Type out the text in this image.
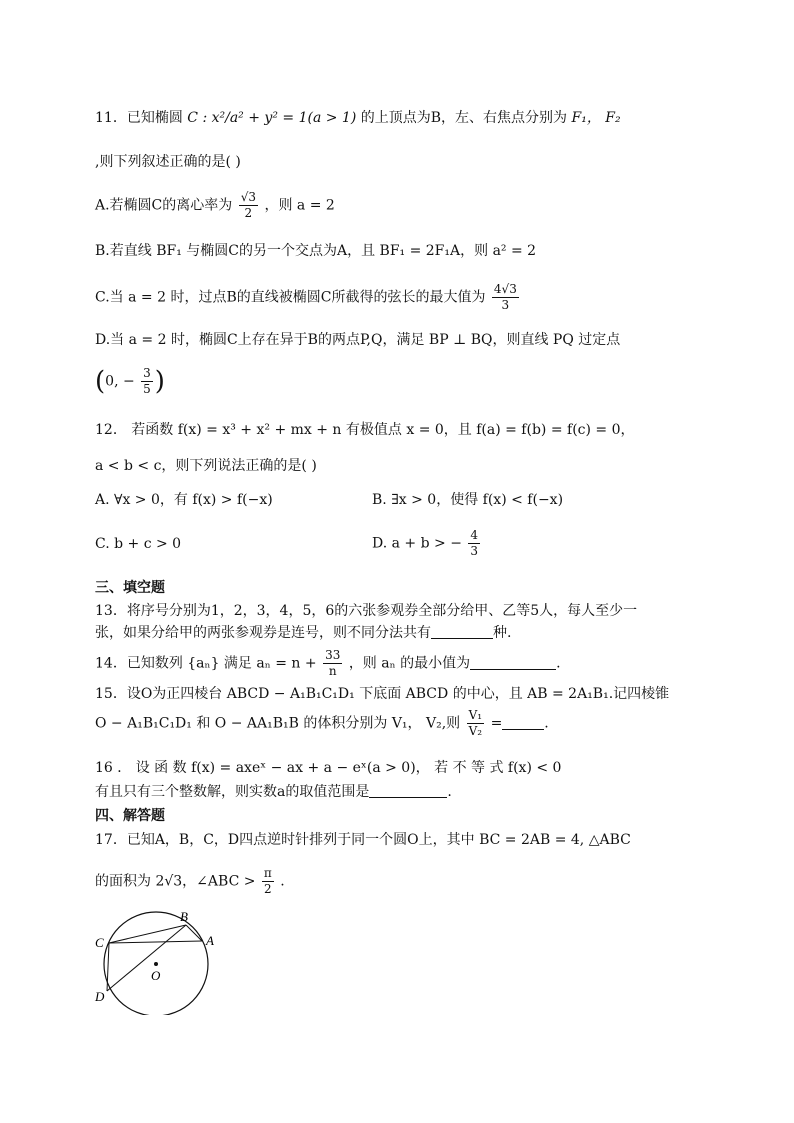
11．已知椭圆 C : x²/a² + y² = 1(a > 1) 的上顶点为B，左、右焦点分别为 F₁， F₂
,则下列叙述正确的是( )
A.若椭圆C的离心率为 $\frac{√3}{2}$ ，则 a = 2
B.若直线 BF₁ 与椭圆C的另一个交点为A，且 BF₁ = 2F₁A，则 a² = 2
C.当 a = 2 时，过点B的直线被椭圆C所截得的弦长的最大值为 $\frac{4√3}{3}$
D.当 a = 2 时，椭圆C上存在异于B的两点P,Q，满足 BP ⊥ BQ，则直线 PQ 过定点
(0, − $\frac{3}{5}$ )
12． 若函数 f(x) = x³ + x² + mx + n 有极值点 x = 0，且 f(a) = f(b) = f(c) = 0，
a < b < c，则下列说法正确的是( )
A. ∀x > 0，有 f(x) > f(−x)	B. ∃x > 0，使得 f(x) < f(−x)
C. b + c > 0	D. a + b > − $\frac{4}{3}$
三、填空题
13．将序号分别为1，2，3，4，5，6的六张参观券全部分给甲、乙等5人，每人至少一
张，如果分给甲的两张参观券是连号，则不同分法共有	种.
14．已知数列 {aₙ} 满足 $a_n = n + \frac{33}{n}$ ，则 aₙ 的最小值为	.
15．设O为正四棱台 ABCD − A₁B₁C₁D₁ 下底面 ABCD 的中心，且 AB = 2A₁B₁.记四棱锥
O − A₁B₁C₁D₁ 和 O − AA₁B₁B 的体积分别为 V₁， V₂,则 $\frac{\text{V₁}}{\text{V₂}}$ =	.
16 ． 设 函 数 f(x) = axeˣ − ax + a − eˣ(a > 0)， 若 不 等 式 f(x) < 0
有且只有三个整数解，则实数a的取值范围是	.
四、解答题
17．已知A，B，C，D四点逆时针排列于同一个圆O上，其中 BC = 2AB = 4, △ABC
的面积为 2√3，∠ABC > $\frac{\pi}{2}$ .
B
A
C
D
O
